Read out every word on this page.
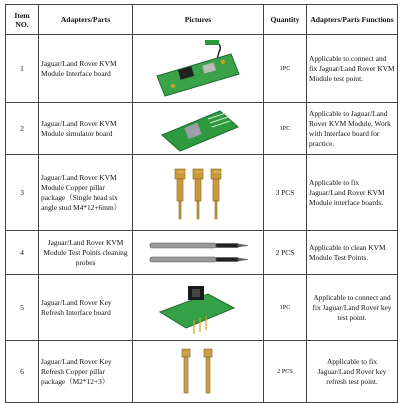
Item NO.	Adapters/Parts	Pictures	Quantity	Adapters/Parts Functions
1	Jaguar/Land Rover KVM Module Interface board		1PC	Applicable to connect and fix Jaguar/Land Rover KVM Module test point.
2	Jaguar/Land Rover KVM Module simulator board		1PC	Applicable to Jaguar/Land Rover KVM Module. Work with Interface board for practice.
3	Jaguar/Land Rover KVM Module Copper pillar package（Single head six angle stud M4*12+6mm）		3 PCS	Applicable to fix Jaguar/Land Rover KVM Module interface boards.
4	Jaguar/Land Rover KVM Module Test Points cleaning probes		2 PCS	Applicable to clean KVM Module Test Points.
5	Jaguar/Land Rover Key Refresh Interface board		1PC	Applicable to connect and fix Jaguar/Land Rover key test point.
6	Jaguar/Land Rover Key Refresh Copper pillar package（M2*12+3）		2 PCS	Applicable to fix Jaguar/Land Rover key refresh test point.
